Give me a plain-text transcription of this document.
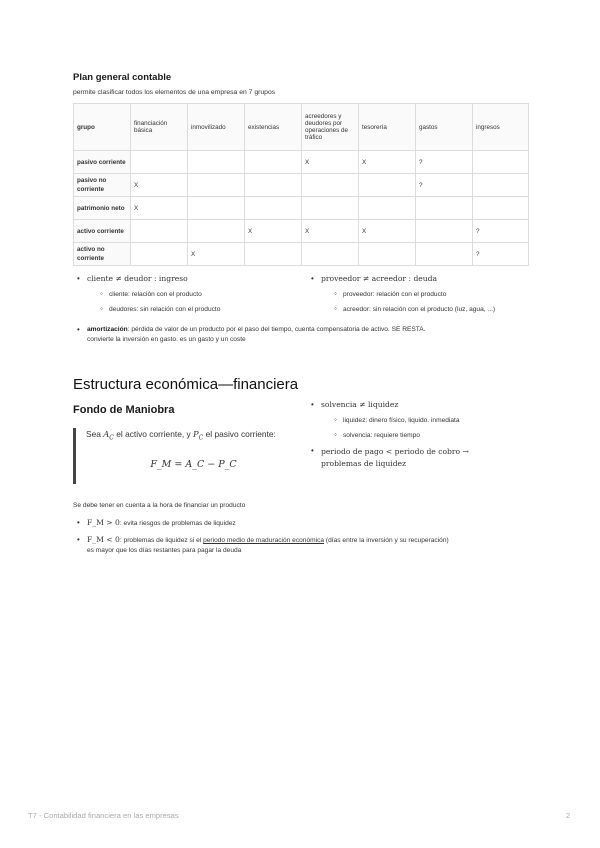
Plan general contable
permite clasificar todos los elementos de una empresa en 7 grupos
grupo	financiación básica	inmovilizado	existencias	acreedores y deudores por operaciones de tráfico	tesorería	gastos	ingresos
pasivo corriente				X	X	?	
pasivo no corriente	X					?	
patrimonio neto	X						
activo corriente			X	X	X		?
activo no corriente		X					?
• cliente ≠ deudor : ingreso
◦ cliente: relación con el producto
◦ deudores: sin relación con el producto
• proveedor ≠ acreedor : deuda
◦ proveedor: relación con el producto
◦ acreedor: sin relación con el producto (luz, agua, ...)
• amortización: pérdida de valor de un producto por el paso del tiempo, cuenta compensatoria de activo. SE RESTA.
convierte la inversión en gasto. es un gasto y un coste
Estructura económica—financiera
Fondo de Maniobra
Sea $A_C$ el activo corriente, y $P_C$ el pasivo corriente:
F_M = A_C − P_C
• solvencia ≠ liquidez
◦ liquidez: dinero físico, liquido. inmediata
◦ solvencia: requiere tiempo
• periodo de pago < periodo de cobro →
problemas de liquidez
Se debe tener en cuenta a la hora de financiar un producto
• F_M > 0: evita riesgos de problemas de liquidez
• F_M < 0: problemas de liquidez si el periodo medio de maduración económica (días entre la inversión y su recuperación)
es mayor que los días restantes para pagar la deuda
T7 - Contabilidad financiera en las empresas	2
